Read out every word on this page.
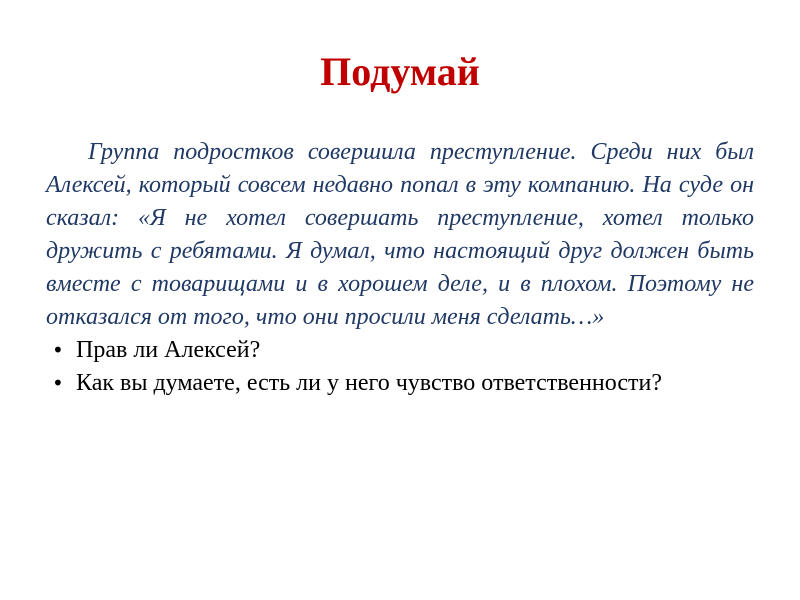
Подумай

Группа подростков совершила преступление. Среди них был Алексей, который совсем недавно попал в эту компанию. На суде он сказал: «Я не хотел совершать преступление, хотел только дружить с ребятами. Я думал, что настоящий друг должен быть вместе с товарищами и в хорошем деле, и в плохом. Поэтому не отказался от того, что они просили меня сделать…»

• Прав ли Алексей?
• Как вы думаете, есть ли у него чувство ответственности?
